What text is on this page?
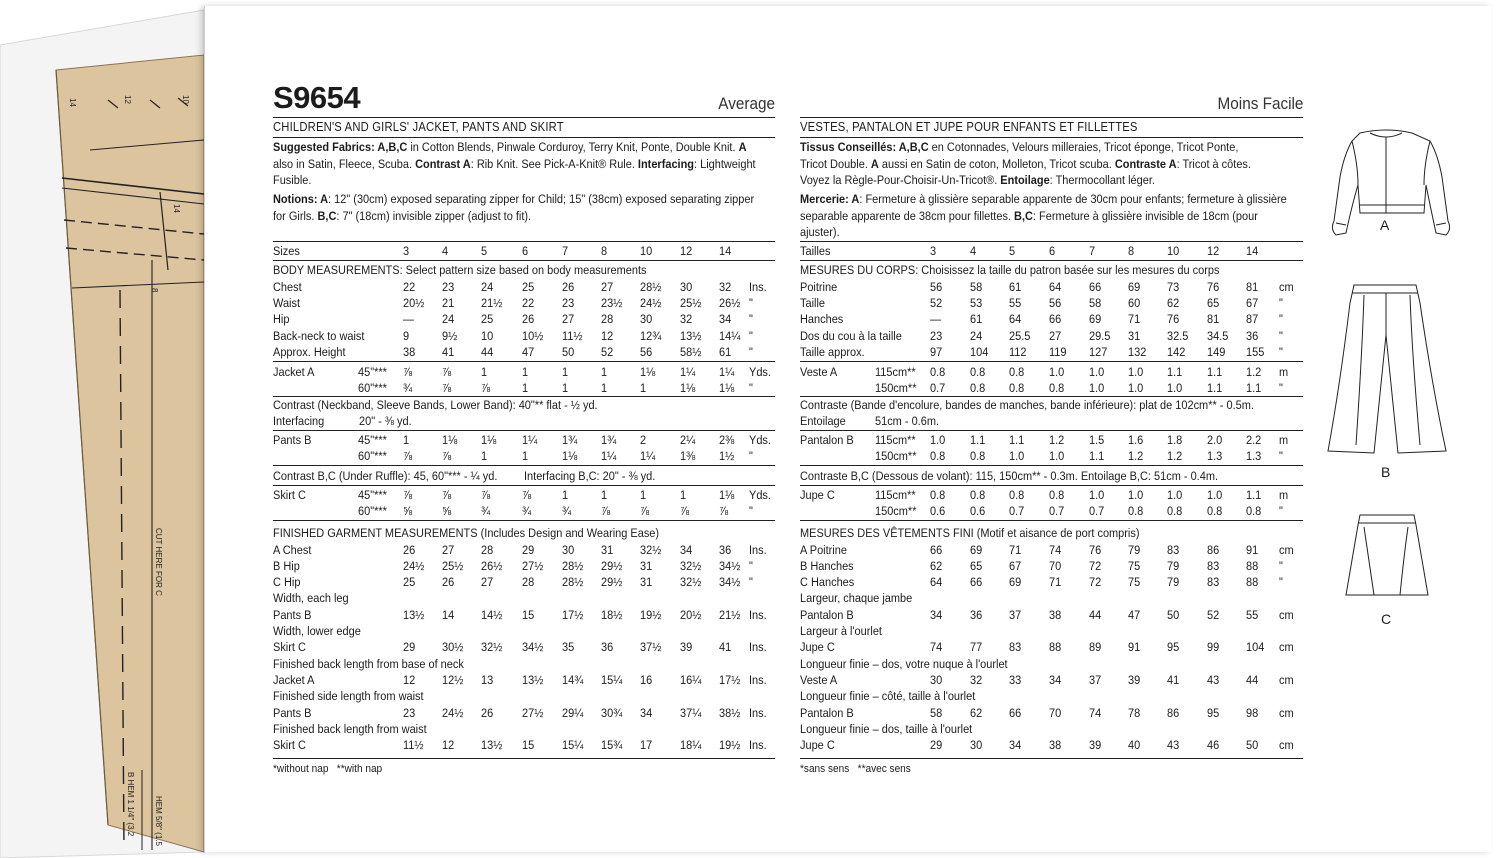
14	12	10
14
8
CUT HERE FOR C
B HEM 1 1/4" (3.2 HEM 5/8" (1.5
S9654	Average	Moins Facile
CHILDREN'S AND GIRLS' JACKET, PANTS AND SKIRT
Suggested Fabrics: A,B,C in Cotton Blends, Pinwale Corduroy, Terry Knit, Ponte, Double Knit. A
also in Satin, Fleece, Scuba. Contrast A: Rib Knit. See Pick-A-Knit® Rule. Interfacing: Lightweight
Fusible.
Notions: A: 12" (30cm) exposed separating zipper for Child; 15" (38cm) exposed separating zipper
for Girls. B,C: 7" (18cm) invisible zipper (adjust to fit).
Sizes	3	4	5	6	7	8	10 12 14
BODY MEASUREMENTS: Select pattern size based on body measurements
Chest	22 23 24 25 26 27 28½ 30 32 Ins.
Waist	20½ 21 21½ 22 23 23½ 24½ 25½ 26½ "
Hip	— 24 25 26 27 28 30 32 34 "
Back-neck to waist	9	9½ 10 10½ 11½ 12 12¾ 13½ 14¼ "
Approx. Height	38 41 44 47 50 52 56 58½ 61 "
Jacket A	45"*** ⅞ ⅞ 1	1	1	1	1⅛ 1¼ 1¼ Yds.
60"*** ¾ ⅞ ⅞	1	1	1	1	1⅛ 1⅛ "
Contrast (Neckband, Sleeve Bands, Lower Band): 40"** flat - ½ yd.
Interfacing	20" - ⅜ yd.
Pants B	45"*** 1	1⅛ 1⅛ 1¼ 1¾ 1¾ 2	2¼ 2⅜ Yds.
60"*** ⅞ ⅞ 1	1	1⅛ 1¼ 1¼ 1⅜ 1½ "
Contrast B,C (Under Ruffle): 45, 60"*** - ¼ yd. Interfacing B,C: 20" - ⅜ yd.
Skirt C	45"*** ⅞ ⅞ ⅞	⅞	1	1	1	1	1⅛ Yds.
60"*** ⅝ ⅝ ¾	¾	¾ ⅞ ⅞	⅞ ⅞ "
FINISHED GARMENT MEASUREMENTS (Includes Design and Wearing Ease)
A Chest	26 27 28 29 30 31 32½ 34 36 Ins.
B Hip	24½ 25½ 26½ 27½ 28½ 29½ 31 32½ 34½ "
C Hip	25 26 27 28 28½ 29½ 31 32½ 34½ "
Width, each leg
Pants B	13½ 14 14½ 15 17½ 18½ 19½ 20½ 21½ Ins.
Width, lower edge
Skirt C	29 30½ 32½ 34½ 35 36 37½ 39 41 Ins.
Finished back length from base of neck
Jacket A	12 12½ 13 13½ 14¾ 15¼ 16 16¼ 17½ Ins.
Finished side length from waist
Pants B	23 24½ 26 27½ 29¼ 30¾ 34 37¼ 38½ Ins.
Finished back length from waist
Skirt C	11½ 12 13½ 15 15¼ 15¾ 17 18¼ 19½ Ins.
*without nap   **with nap
VESTES, PANTALON ET JUPE POUR ENFANTS ET FILLETTES
Tissus Conseillés: A,B,C en Cotonnades, Velours milleraies, Tricot éponge, Tricot Ponte,
Tricot Double. A aussi en Satin de coton, Molleton, Tricot scuba. Contraste A: Tricot à côtes.
Voyez la Règle-Pour-Choisir-Un-Tricot®. Entoilage: Thermocollant léger.
Mercerie: A: Fermeture à glissière separable apparente de 30cm pour enfants; fermeture à glissière
separable apparente de 38cm pour fillettes. B,C: Fermeture à glissière invisible de 18cm (pour
ajuster).
Tailles	3	4	5	6	7	8	10 12 14
MESURES DU CORPS: Choisissez la taille du patron basée sur les mesures du corps
Poitrine	56 58 61 64 66 69 73 76 81 cm
Taille	52 53 55 56 58 60 62 65 67 "
Hanches	— 61 64 66 69 71 76 81 87 "
Dos du cou à la taille 23 24 25.5 27 29.5 31 32.5 34.5 36 "
Taille approx.	97 104 112 119 127 132 142 149 155 "
Veste A	115cm** 0.8 0.8 0.8 1.0 1.0 1.0 1.1 1.1 1.2 m
150cm** 0.7 0.8 0.8 0.8 1.0 1.0 1.0 1.1 1.1 "
Contraste (Bande d'encolure, bandes de manches, bande inférieure): plat de 102cm** - 0.5m.
Entoilage 51cm - 0.6m.
Pantalon B 115cm** 1.0 1.1 1.1 1.2 1.5 1.6 1.8 2.0 2.2 m
150cm** 0.8 0.8 1.0 1.0 1.1 1.2 1.2 1.3 1.3 "
Contraste B,C (Dessous de volant): 115, 150cm** - 0.3m. Entoilage B,C: 51cm - 0.4m.
Jupe C	115cm** 0.8 0.8 0.8 0.8 1.0 1.0 1.0 1.0 1.1 m
150cm** 0.6 0.6 0.7 0.7 0.7 0.8 0.8 0.8 0.8 "
MESURES DES VÊTEMENTS FINI (Motif et aisance de port compris)
A Poitrine	66 69 71 74 76 79 83 86 91 cm
B Hanches	62 65 67 70 72 75 79 83 88 "
C Hanches	64 66 69 71 72 75 79 83 88 "
Largeur, chaque jambe
Pantalon B	34 36 37 38 44 47 50 52 55 cm
Largeur à l'ourlet
Jupe C	74 77 83 88 89 91 95 99 104 cm
Longueur finie – dos, votre nuque à l'ourlet
Veste A	30 32 33 34 37 39 41 43 44 cm
Longueur finie – côté, taille à l'ourlet
Pantalon B	58 62 66 70 74 78 86 95 98 cm
Longueur finie – dos, taille à l'ourlet
Jupe C	29 30 34 38 39 40 43 46 50 cm
*sans sens   **avec sens
A
B
C
